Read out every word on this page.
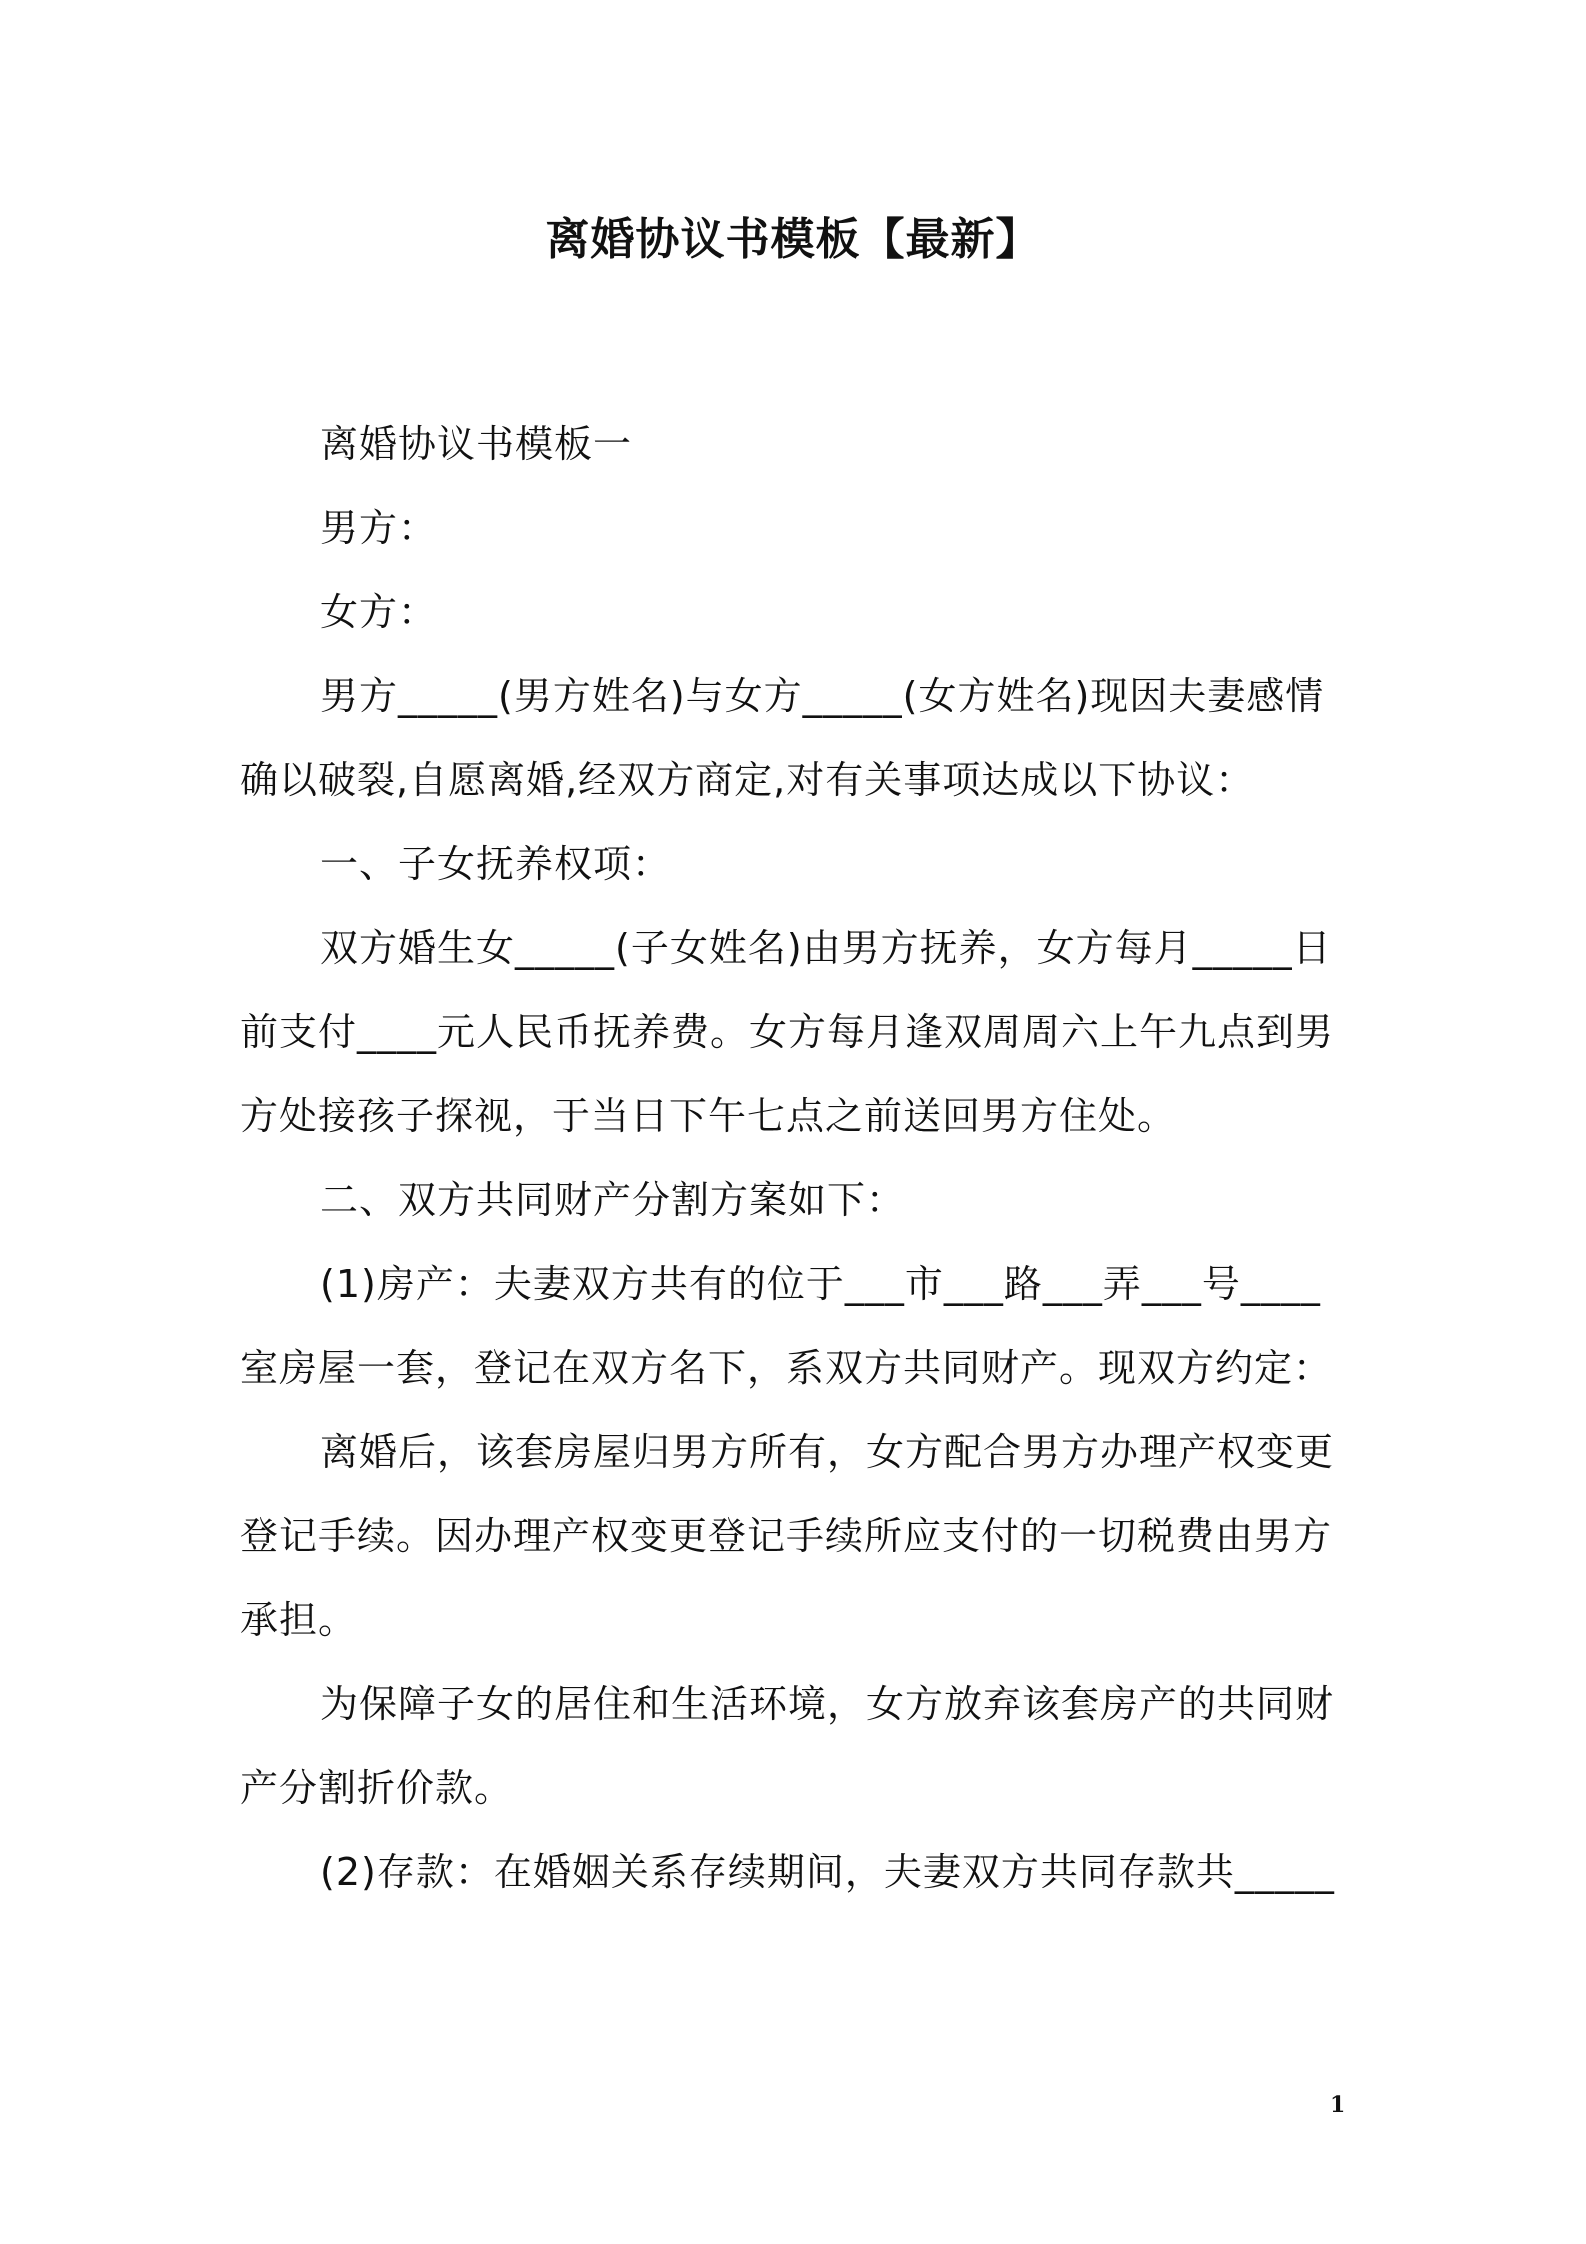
离婚协议书模板【最新】

离婚协议书模板一

男方：

女方：

男方_____(男方姓名)与女方_____(女方姓名)现因夫妻感情确以破裂,自愿离婚,经双方商定,对有关事项达成以下协议：

一、子女抚养权项：

双方婚生女_____(子女姓名)由男方抚养，女方每月_____日前支付____元人民币抚养费。女方每月逢双周周六上午九点到男方处接孩子探视，于当日下午七点之前送回男方住处。

二、双方共同财产分割方案如下：

(1)房产：夫妻双方共有的位于___市___路___弄___号____室房屋一套，登记在双方名下，系双方共同财产。现双方约定：

离婚后，该套房屋归男方所有，女方配合男方办理产权变更登记手续。因办理产权变更登记手续所应支付的一切税费由男方承担。

为保障子女的居住和生活环境，女方放弃该套房产的共同财产分割折价款。

(2)存款：在婚姻关系存续期间，夫妻双方共同存款共_____

1
